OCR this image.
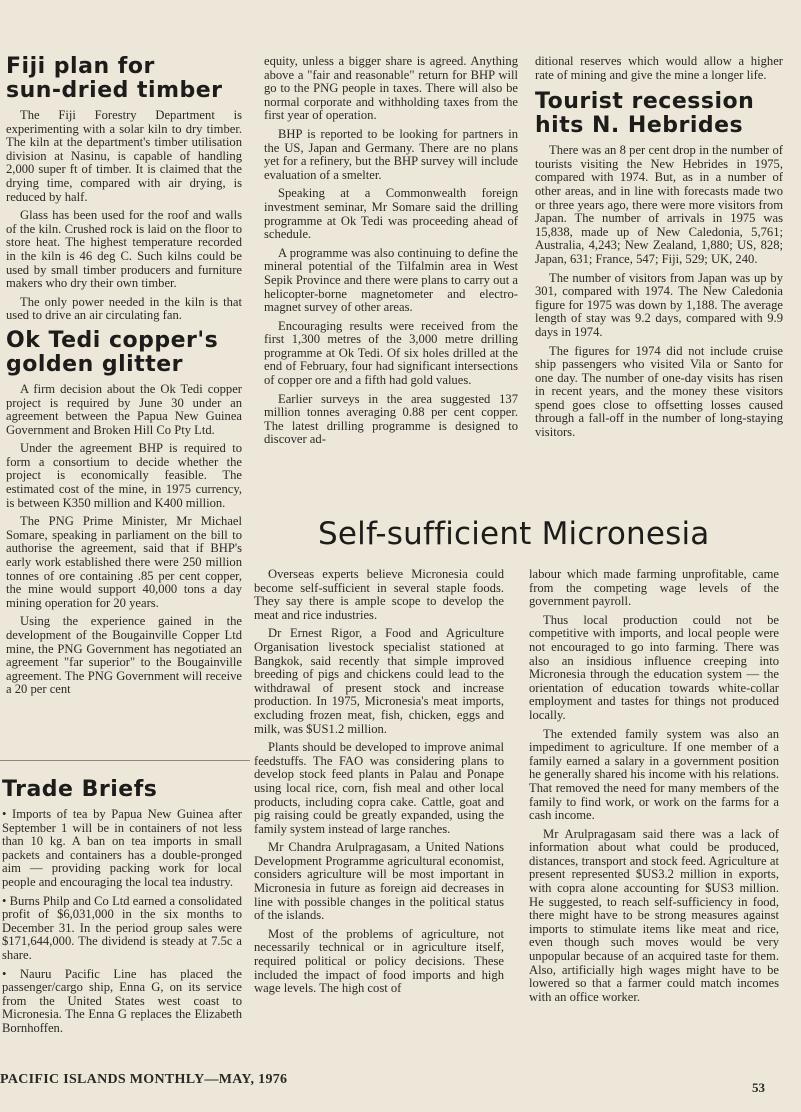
Fiji plan for
sun-dried timber

The Fiji Forestry Department is experimenting with a solar kiln to dry timber. The kiln at the department's timber utilisation division at Nasinu, is capable of handling 2,000 super ft of timber. It is claimed that the drying time, compared with air drying, is reduced by half.

Glass has been used for the roof and walls of the kiln. Crushed rock is laid on the floor to store heat. The highest temperature recorded in the kiln is 46 deg C. Such kilns could be used by small timber producers and furniture makers who dry their own timber.

The only power needed in the kiln is that used to drive an air circulating fan.

Ok Tedi copper's
golden glitter

A firm decision about the Ok Tedi copper project is required by June 30 under an agreement between the Papua New Guinea Government and Broken Hill Co Pty Ltd.

Under the agreement BHP is required to form a consortium to decide whether the project is economically feasible. The estimated cost of the mine, in 1975 currency, is between K350 million and K400 million.

The PNG Prime Minister, Mr Michael Somare, speaking in parliament on the bill to authorise the agreement, said that if BHP's early work established there were 250 million tonnes of ore containing .85 per cent copper, the mine would support 40,000 tons a day mining operation for 20 years.

Using the experience gained in the development of the Bougainville Copper Ltd mine, the PNG Government has negotiated an agreement "far superior" to the Bougainville agreement. The PNG Government will receive a 20 per cent

equity, unless a bigger share is agreed. Anything above a "fair and reasonable" return for BHP will go to the PNG people in taxes. There will also be normal corporate and withholding taxes from the first year of operation.

BHP is reported to be looking for partners in the US, Japan and Germany. There are no plans yet for a refinery, but the BHP survey will include evaluation of a smelter.

Speaking at a Commonwealth foreign investment seminar, Mr Somare said the drilling programme at Ok Tedi was proceeding ahead of schedule.

A programme was also continuing to define the mineral potential of the Tilfalmin area in West Sepik Province and there were plans to carry out a helicopter-borne magnetometer and electro-magnet survey of other areas.

Encouraging results were received from the first 1,300 metres of the 3,000 metre drilling programme at Ok Tedi. Of six holes drilled at the end of February, four had significant intersections of copper ore and a fifth had gold values.

Earlier surveys in the area suggested 137 million tonnes averaging 0.88 per cent copper. The latest drilling programme is designed to discover ad-

ditional reserves which would allow a higher rate of mining and give the mine a longer life.

Tourist recession
hits N. Hebrides

There was an 8 per cent drop in the number of tourists visiting the New Hebrides in 1975, compared with 1974. But, as in a number of other areas, and in line with forecasts made two or three years ago, there were more visitors from Japan. The number of arrivals in 1975 was 15,838, made up of New Caledonia, 5,761; Australia, 4,243; New Zealand, 1,880; US, 828; Japan, 631; France, 547; Fiji, 529; UK, 240.

The number of visitors from Japan was up by 301, compared with 1974. The New Caledonia figure for 1975 was down by 1,188. The average length of stay was 9.2 days, compared with 9.9 days in 1974.

The figures for 1974 did not include cruise ship passengers who visited Vila or Santo for one day. The number of one-day visits has risen in recent years, and the money these visitors spend goes close to offsetting losses caused through a fall-off in the number of long-staying visitors.

Trade Briefs

• Imports of tea by Papua New Guinea after September 1 will be in containers of not less than 10 kg. A ban on tea imports in small packets and containers has a double-pronged aim — providing packing work for local people and encouraging the local tea industry.

• Burns Philp and Co Ltd earned a consolidated profit of $6,031,000 in the six months to December 31. In the period group sales were $171,644,000. The dividend is steady at 7.5c a share.

• Nauru Pacific Line has placed the passenger/cargo ship, Enna G, on its service from the United States west coast to Micronesia. The Enna G replaces the Elizabeth Bornhoffen.

Self-sufficient Micronesia

Overseas experts believe Micronesia could become self-sufficient in several staple foods. They say there is ample scope to develop the meat and rice industries.

Dr Ernest Rigor, a Food and Agriculture Organisation livestock specialist stationed at Bangkok, said recently that simple improved breeding of pigs and chickens could lead to the withdrawal of present stock and increase production. In 1975, Micronesia's meat imports, excluding frozen meat, fish, chicken, eggs and milk, was $US1.2 million.

Plants should be developed to improve animal feedstuffs. The FAO was considering plans to develop stock feed plants in Palau and Ponape using local rice, corn, fish meal and other local products, including copra cake. Cattle, goat and pig raising could be greatly expanded, using the family system instead of large ranches.

Mr Chandra Arulpragasam, a United Nations Development Programme agricultural economist, considers agriculture will be most important in Micronesia in future as foreign aid decreases in line with possible changes in the political status of the islands.

Most of the problems of agriculture, not necessarily technical or in agriculture itself, required political or policy decisions. These included the impact of food imports and high wage levels. The high cost of

labour which made farming unprofitable, came from the competing wage levels of the government payroll.

Thus local production could not be competitive with imports, and local people were not encouraged to go into farming. There was also an insidious influence creeping into Micronesia through the education system — the orientation of education towards white-collar employment and tastes for things not produced locally.

The extended family system was also an impediment to agriculture. If one member of a family earned a salary in a government position he generally shared his income with his relations. That removed the need for many members of the family to find work, or work on the farms for a cash income.

Mr Arulpragasam said there was a lack of information about what could be produced, distances, transport and stock feed. Agriculture at present represented $US3.2 million in exports, with copra alone accounting for $US3 million. He suggested, to reach self-sufficiency in food, there might have to be strong measures against imports to stimulate items like meat and rice, even though such moves would be very unpopular because of an acquired taste for them. Also, artificially high wages might have to be lowered so that a farmer could match incomes with an office worker.

PACIFIC ISLANDS MONTHLY—MAY, 1976
53
